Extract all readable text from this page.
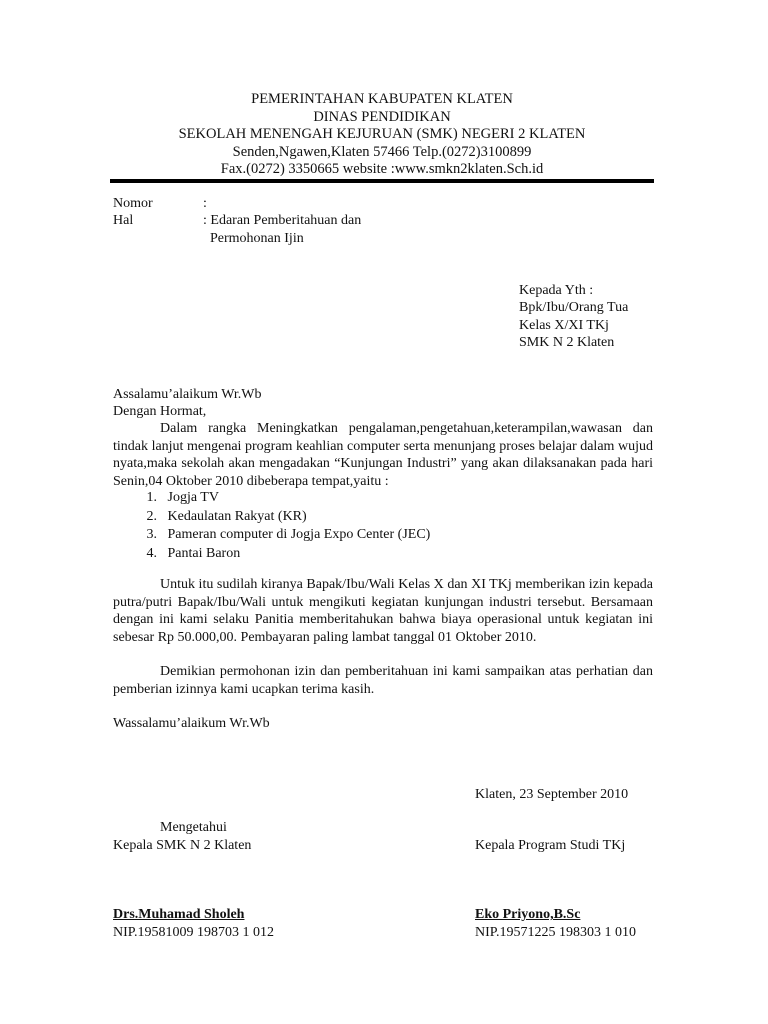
PEMERINTAHAN KABUPATEN KLATEN
DINAS PENDIDIKAN
SEKOLAH MENENGAH KEJURUAN (SMK) NEGERI 2 KLATEN
Senden,Ngawen,Klaten 57466 Telp.(0272)3100899
Fax.(0272) 3350665 website :www.smkn2klaten.Sch.id
Nomor	:
Hal	: Edaran Pemberitahuan dan
Permohonan Ijin
Kepada Yth :
Bpk/Ibu/Orang Tua
Kelas X/XI TKj
SMK N 2 Klaten
Assalamu’alaikum Wr.Wb
Dengan Hormat,
Dalam rangka Meningkatkan pengalaman,pengetahuan,keterampilan,wawasan dan tindak lanjut mengenai program keahlian computer serta menunjang proses belajar dalam wujud nyata,maka sekolah akan mengadakan “Kunjungan Industri” yang akan dilaksanakan pada hari Senin,04 Oktober 2010 dibeberapa tempat,yaitu :
1. Jogja TV
2. Kedaulatan Rakyat (KR)
3. Pameran computer di Jogja Expo Center (JEC)
4. Pantai Baron
Untuk itu sudilah kiranya Bapak/Ibu/Wali Kelas X dan XI TKj memberikan izin kepada putra/putri Bapak/Ibu/Wali untuk mengikuti kegiatan kunjungan industri tersebut. Bersamaan dengan ini kami selaku Panitia memberitahukan bahwa biaya operasional untuk kegiatan ini sebesar Rp 50.000,00. Pembayaran paling lambat tanggal 01 Oktober 2010.
Demikian permohonan izin dan pemberitahuan ini kami sampaikan atas perhatian dan pemberian izinnya kami ucapkan terima kasih.
Wassalamu’alaikum Wr.Wb
Klaten, 23 September 2010
Mengetahui
Kepala SMK N 2 Klaten
Drs.Muhamad Sholeh
NIP.19581009 198703 1 012
Kepala Program Studi TKj
Eko Priyono,B.Sc
NIP.19571225 198303 1 010
